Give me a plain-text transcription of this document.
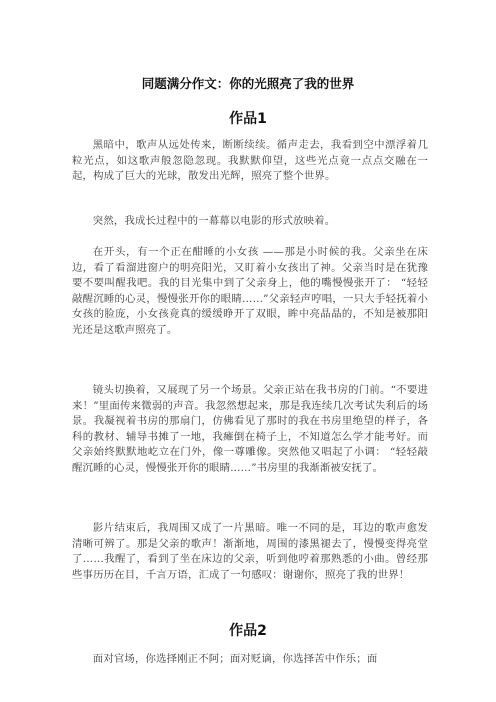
同题满分作文：你的光照亮了我的世界
作品1

黑暗中，歌声从远处传来，断断续续。循声走去，我看到空中漂浮着几粒光点，如这歌声般忽隐忽现。我默默仰望，这些光点竟一点点交融在一起，构成了巨大的光球，散发出光辉，照亮了整个世界。

突然，我成长过程中的一幕幕以电影的形式放映着。

在开头，有一个正在酣睡的小女孩 ——那是小时候的我。父亲坐在床边，看了看溜进窗户的明亮阳光，又盯着小女孩出了神。父亲当时是在犹豫要不要叫醒我吧。我的目光集中到了父亲身上，他的嘴慢慢张开了： “轻轻敲醒沉睡的心灵，慢慢张开你的眼睛……”父亲轻声哼唱，一只大手轻抚着小女孩的脸庞，小女孩竟真的缓缓睁开了双眼，眸中亮晶晶的，不知是被那阳光还是这歌声照亮了。

镜头切换着，又展现了另一个场景。父亲正站在我书房的门前。“不要进来！”里面传来微弱的声音。我忽然想起来，那是我连续几次考试失利后的场景。我凝视着书房的那扇门，仿佛看见了那时的我在书房里绝望的样子，各科的教材、辅导书摊了一地，我瘫倒在椅子上，不知道怎么学才能考好。而父亲始终默默地屹立在门外，像一尊雕像。突然他又唱起了小调： “轻轻敲醒沉睡的心灵，慢慢张开你的眼睛……”书房里的我渐渐被安抚了。

影片结束后，我周围又成了一片黑暗。唯一不同的是，耳边的歌声愈发清晰可辨了。那是父亲的歌声！渐渐地，周围的漆黑褪去了，慢慢变得亮堂了……我醒了，看到了坐在床边的父亲，听到他哼着那熟悉的小曲。曾经那些事历历在目，千言万语，汇成了一句感叹：谢谢你，照亮了我的世界！

作品2

面对官场，你选择刚正不阿；面对贬谪，你选择苦中作乐；面
